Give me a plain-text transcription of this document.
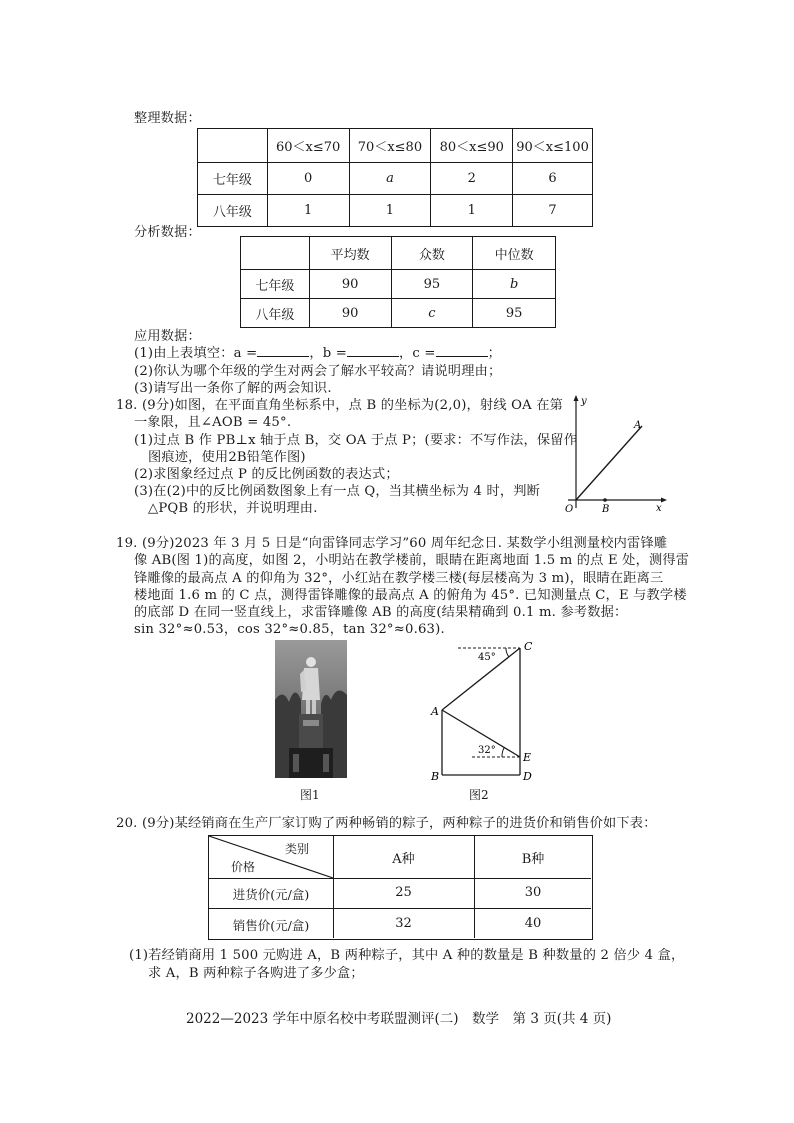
整理数据：
	60＜x≤70	70＜x≤80	80＜x≤90	90＜x≤100
七年级	0	a	2	6
八年级	1	1	1	7
分析数据：
	平均数	众数	中位数
七年级	90	95	b
八年级	90	c	95
应用数据：
(1)由上表填空：a =	，b =	，c =	；
(2)你认为哪个年级的学生对两会了解水平较高？请说明理由；
(3)请写出一条你了解的两会知识.
18. (9分)如图，在平面直角坐标系中，点 B 的坐标为(2,0)，射线 OA 在第
一象限，且∠AOB = 45°.
(1)过点 B 作 PB⊥x 轴于点 B，交 OA 于点 P；(要求：不写作法，保留作
图痕迹，使用2B铅笔作图)
(2)求图象经过点 P 的反比例函数的表达式；
(3)在(2)中的反比例函数图象上有一点 Q，当其横坐标为 4 时，判断
△PQB 的形状，并说明理由.
y
x
O	B
A
19. (9分)2023 年 3 月 5 日是“向雷锋同志学习”60 周年纪念日. 某数学小组测量校内雷锋雕
像 AB(图 1)的高度，如图 2，小明站在教学楼前，眼睛在距离地面 1.5 m 的点 E 处，测得雷
锋雕像的最高点 A 的仰角为 32°，小红站在教学楼三楼(每层楼高为 3 m)，眼睛在距离三
楼地面 1.6 m 的 C 点，测得雷锋雕像的最高点 A 的俯角为 45°. 已知测量点 C，E 与教学楼
的底部 D 在同一竖直线上，求雷锋雕像 AB 的高度(结果精确到 0.1 m. 参考数据：
sin 32°≈0.53，cos 32°≈0.85，tan 32°≈0.63).
图1
45°
32°
C
A
E
B	D
图2
20. (9分)某经销商在生产厂家订购了两种畅销的粽子，两种粽子的进货价和销售价如下表：
类别
价格	A种	B种
进货价(元/盒)	25	30
销售价(元/盒)	32	40
(1)若经销商用 1 500 元购进 A，B 两种粽子，其中 A 种的数量是 B 种数量的 2 倍少 4 盒，
求 A，B 两种粽子各购进了多少盒；
2022—2023 学年中原名校中考联盟测评(二)　数学　第 3 页(共 4 页)
